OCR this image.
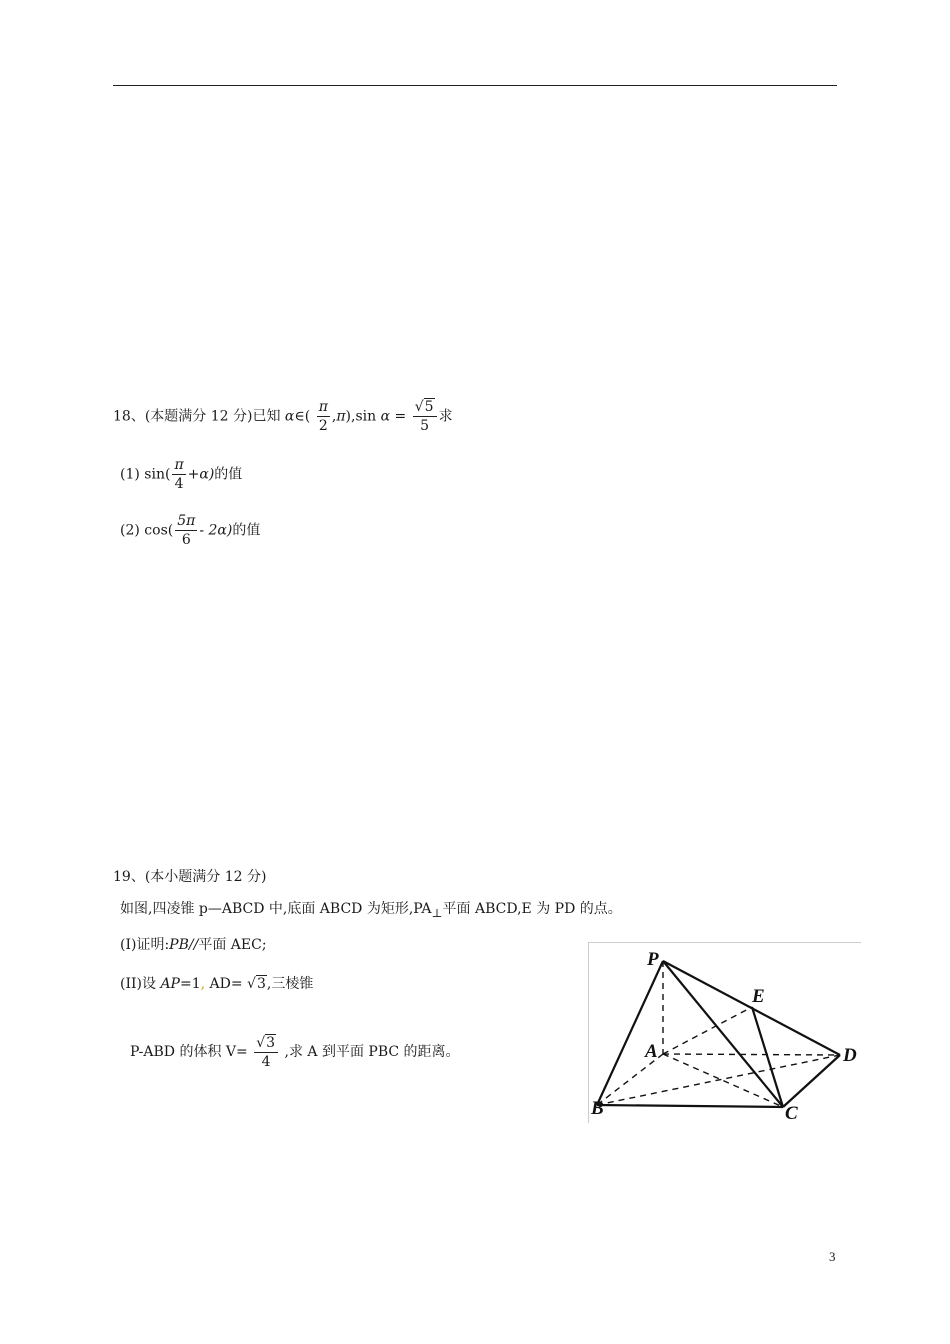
18、(本题满分 12 分)已知 α∈( $\frac{\pi}{2} ,\pi),\sin$ $\alpha = \frac{√5}{5}$ 求
(1) $\sin( \frac{\pi}{4} +\alpha)$的值
(2) $\cos( \frac{5\pi}{6} - 2\alpha)$的值
19、(本小题满分 12 分)
如图,四凌锥 p—ABCD 中,底面 ABCD 为矩形$,PA_\perp$平面 ABCD,E 为 PD 的点。
(I)证明:PB//平面 AEC;
(II)设 AP=1, AD= √3,三棱锥
P-ABD 的体积 $V= \frac{√3}{4}$ ,求 A 到平面 PBC 的距离。
P
E
A	D
B	C
3
